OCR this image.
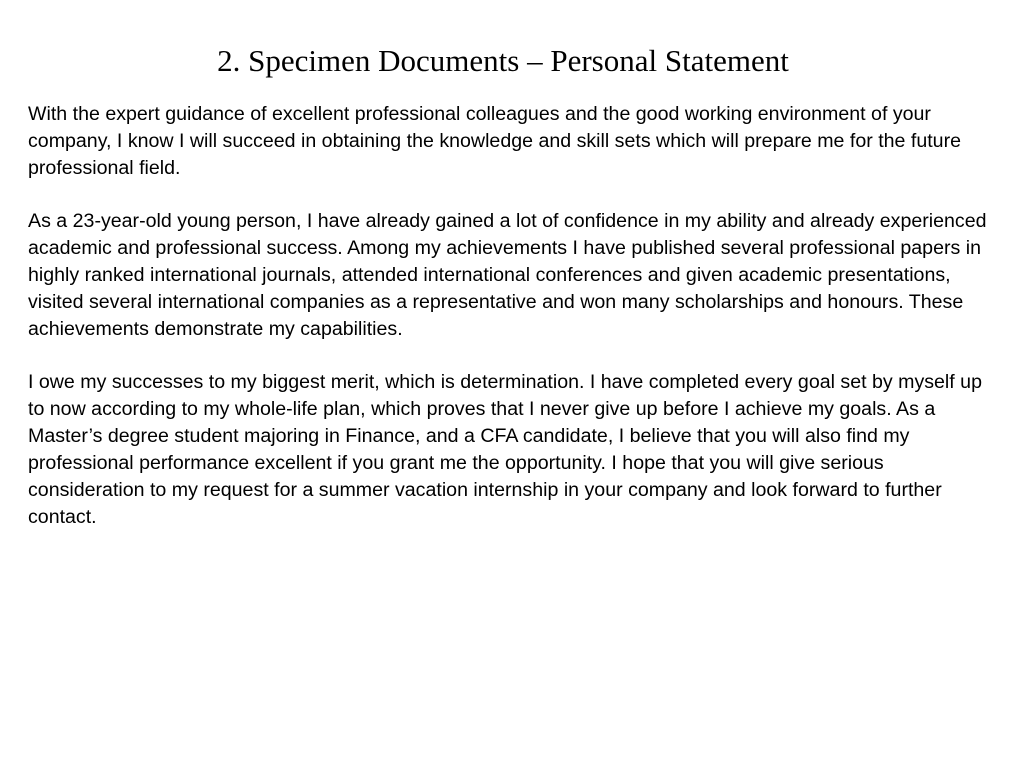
2. Specimen Documents – Personal Statement

With the expert guidance of excellent professional colleagues and the good working environment of your company, I know I will succeed in obtaining the knowledge and skill sets which will prepare me for the future professional field.

As a 23-year-old young person, I have already gained a lot of confidence in my ability and already experienced academic and professional success. Among my achievements I have published several professional papers in highly ranked international journals, attended international conferences and given academic presentations, visited several international companies as a representative and won many scholarships and honours. These achievements demonstrate my capabilities.

I owe my successes to my biggest merit, which is determination. I have completed every goal set by myself up to now according to my whole-life plan, which proves that I never give up before I achieve my goals. As a Master’s degree student majoring in Finance, and a CFA candidate, I believe that you will also find my professional performance excellent if you grant me the opportunity. I hope that you will give serious consideration to my request for a summer vacation internship in your company and look forward to further contact.
